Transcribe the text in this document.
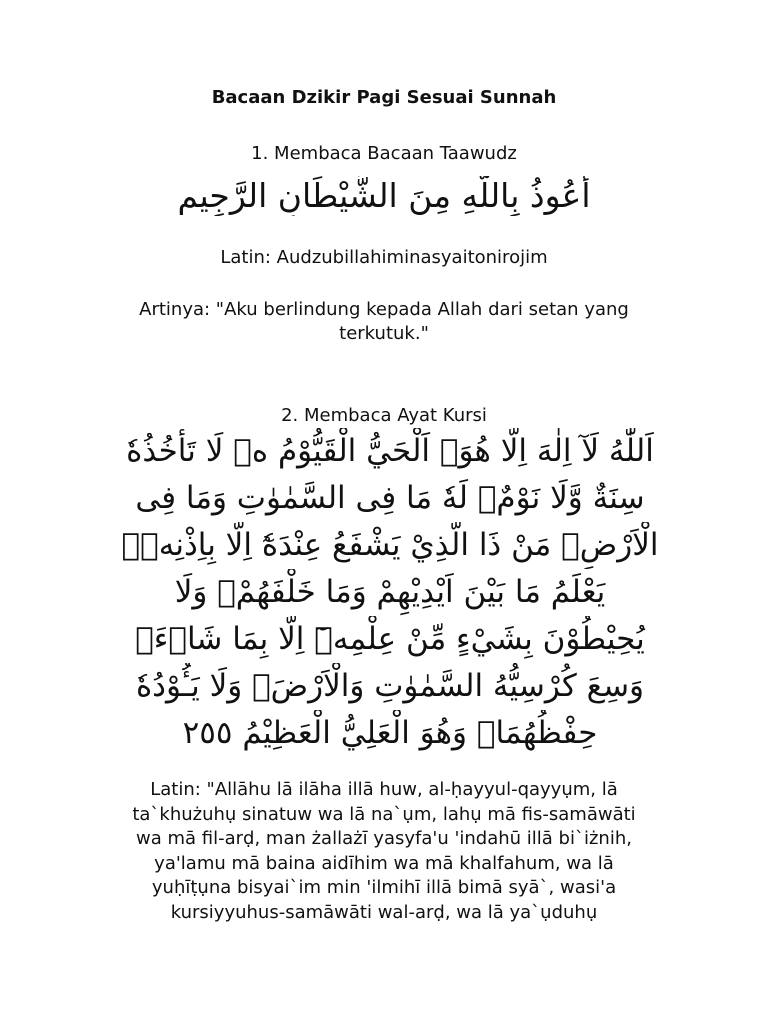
Bacaan Dzikir Pagi Sesuai Sunnah
1. Membaca Bacaan Taawudz
أَعُوذُ بِاللَّهِ مِنَ الشَّيْطَانِ الرَّجِيمِ
Latin: Audzubillahiminasyaitonirojim
Artinya: "Aku berlindung kepada Allah dari setan yang
terkutuk."
2. Membaca Ayat Kursi
اَللّٰهُ لَآ اِلٰهَ اِلَّا هُوَۚ اَلْحَيُّ الْقَيُّوْمُ ەۚ لَا تَأْخُذُهٗ
سِنَةٌ وَّلَا نَوْمٌۗ لَهٗ مَا فِى السَّمٰوٰتِ وَمَا فِى
الْاَرْضِۗ مَنْ ذَا الَّذِيْ يَشْفَعُ عِنْدَهٗٓ اِلَّا بِاِذْنِهٖۗ
يَعْلَمُ مَا بَيْنَ اَيْدِيْهِمْ وَمَا خَلْفَهُمْۚ وَلَا
يُحِيْطُوْنَ بِشَيْءٍ مِّنْ عِلْمِهٖٓ اِلَّا بِمَا شَاۤءَۚ
وَسِعَ كُرْسِيُّهُ السَّمٰوٰتِ وَالْاَرْضَۚ وَلَا يَـُٔوْدُهٗ
حِفْظُهُمَاۚ وَهُوَ الْعَلِيُّ الْعَظِيْمُ ٢٥٥
Latin: "Allāhu lā ilāha illā huw, al-ḥayyul-qayyụm, lā
ta`khużuhụ sinatuw wa lā na`ụm, lahụ mā fis-samāwāti
wa mā fil-arḍ, man żallażī yasyfa'u 'indahū illā bi`iżnih,
ya'lamu mā baina aidīhim wa mā khalfahum, wa lā
yuḥīṭụna bisyai`im min 'ilmihī illā bimā syā`, wasi'a
kursiyyuhus-samāwāti wal-arḍ, wa lā ya`ụduhụ
